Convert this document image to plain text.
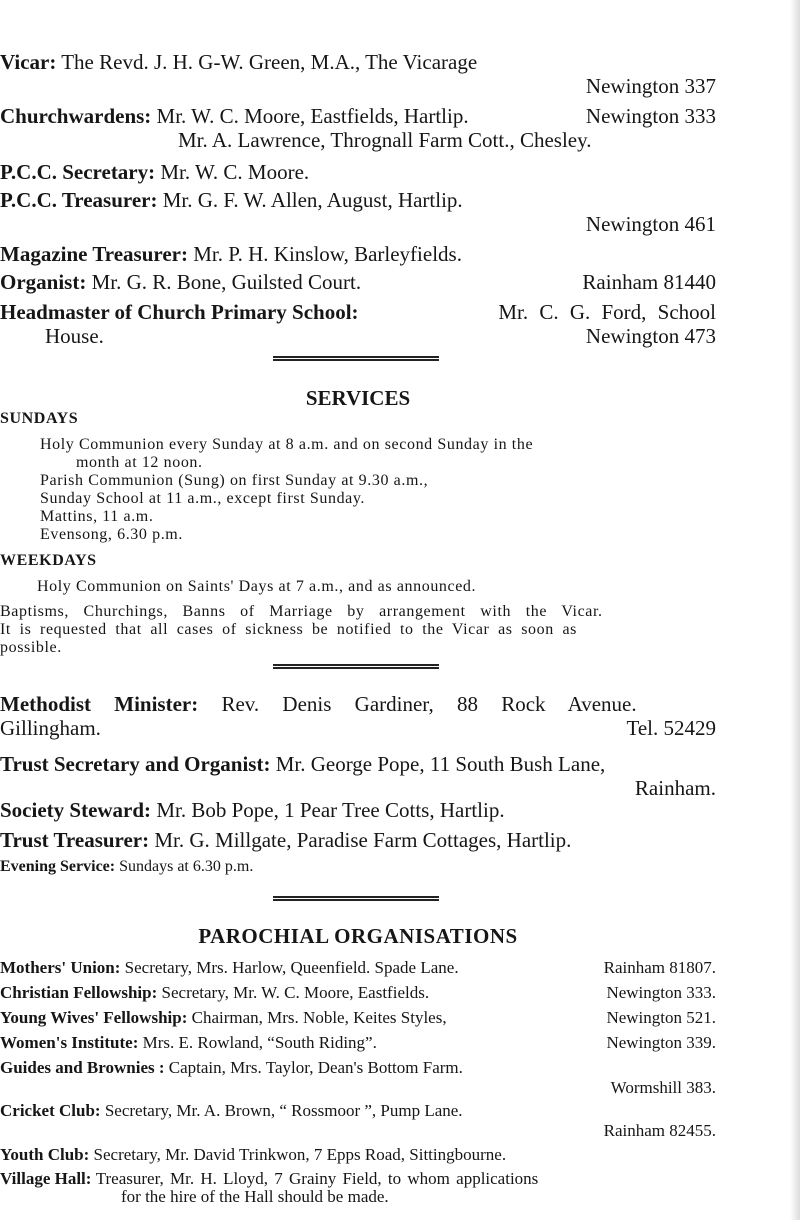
Vicar: The Revd. J. H. G-W. Green, M.A., The Vicarage
Newington 337
Churchwardens: Mr. W. C. Moore, Eastfields, Hartlip.	Newington 333
Mr. A. Lawrence, Thrognall Farm Cott., Chesley.
P.C.C. Secretary: Mr. W. C. Moore.
P.C.C. Treasurer: Mr. G. F. W. Allen, August, Hartlip.
Newington 461
Magazine Treasurer: Mr. P. H. Kinslow, Barleyfields.
Organist: Mr. G. R. Bone, Guilsted Court.	Rainham 81440
Headmaster of Church Primary School:	Mr. C. G. Ford, School
House.	Newington 473
SERVICES
SUNDAYS
Holy Communion every Sunday at 8 a.m. and on second Sunday in the
month at 12 noon.
Parish Communion (Sung) on first Sunday at 9.30 a.m.,
Sunday School at 11 a.m., except first Sunday.
Mattins, 11 a.m.
Evensong, 6.30 p.m.
WEEKDAYS
Holy Communion on Saints' Days at 7 a.m., and as announced.
Baptisms, Churchings, Banns of Marriage by arrangement with the Vicar.
It is requested that all cases of sickness be notified to the Vicar as soon as
possible.
Methodist Minister: Rev. Denis Gardiner, 88 Rock Avenue.
Gillingham.	Tel. 52429
Trust Secretary and Organist: Mr. George Pope, 11 South Bush Lane,
Rainham.
Society Steward: Mr. Bob Pope, 1 Pear Tree Cotts, Hartlip.
Trust Treasurer: Mr. G. Millgate, Paradise Farm Cottages, Hartlip.
Evening Service: Sundays at 6.30 p.m.
PAROCHIAL ORGANISATIONS
Mothers' Union: Secretary, Mrs. Harlow, Queenfield. Spade Lane.	Rainham 81807.
Christian Fellowship: Secretary, Mr. W. C. Moore, Eastfields.	Newington 333.
Young Wives' Fellowship: Chairman, Mrs. Noble, Keites Styles,	Newington 521.
Women's Institute: Mrs. E. Rowland, “South Riding”.	Newington 339.
Guides and Brownies : Captain, Mrs. Taylor, Dean's Bottom Farm.
Wormshill 383.
Cricket Club: Secretary, Mr. A. Brown, “ Rossmoor ”, Pump Lane.
Rainham 82455.
Youth Club: Secretary, Mr. David Trinkwon, 7 Epps Road, Sittingbourne.
Village Hall: Treasurer, Mr. H. Lloyd, 7 Grainy Field, to whom applications
for the hire of the Hall should be made.
